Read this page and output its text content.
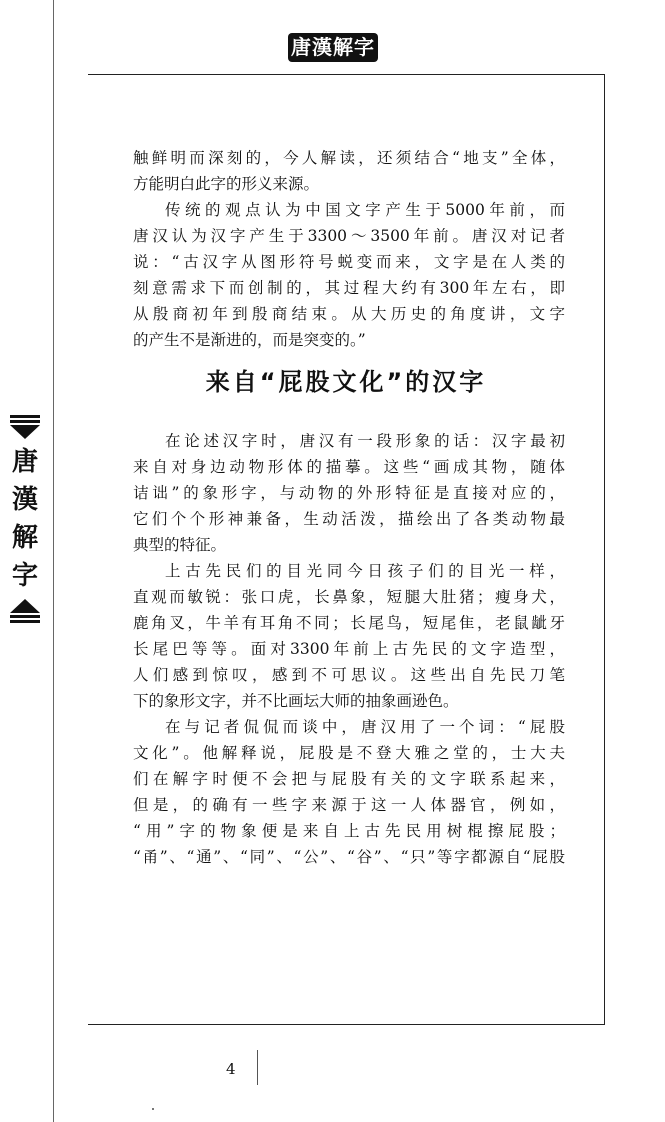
唐漢解字
唐
漢
解
字
触鲜明而深刻的，今人解读，还须结合“地支”全体，
方能明白此字的形义来源。
传统的观点认为中国文字产生于5000年前，而
唐汉认为汉字产生于3300～3500年前。唐汉对记者
说：“古汉字从图形符号蜕变而来，文字是在人类的
刻意需求下而创制的，其过程大约有300年左右，即
从殷商初年到殷商结束。从大历史的角度讲，文字
的产生不是渐进的，而是突变的。”
来自“屁股文化”的汉字
在论述汉字时，唐汉有一段形象的话：汉字最初
来自对身边动物形体的描摹。这些“画成其物，随体
诘诎”的象形字，与动物的外形特征是直接对应的，
它们个个形神兼备，生动活泼，描绘出了各类动物最
典型的特征。
上古先民们的目光同今日孩子们的目光一样，
直观而敏锐：张口虎，长鼻象，短腿大肚猪；瘦身犬，
鹿角叉，牛羊有耳角不同；长尾鸟，短尾隹，老鼠龇牙
长尾巴等等。面对3300年前上古先民的文字造型，
人们感到惊叹，感到不可思议。这些出自先民刀笔
下的象形文字，并不比画坛大师的抽象画逊色。
在与记者侃侃而谈中，唐汉用了一个词：“屁股
文化”。他解释说，屁股是不登大雅之堂的，士大夫
们在解字时便不会把与屁股有关的文字联系起来，
但是，的确有一些字来源于这一人体器官，例如，
“用”字的物象便是来自上古先民用树棍擦屁股；
“甬”、“通”、“同”、“公”、“谷”、“只”等字都源自“屁股
4
